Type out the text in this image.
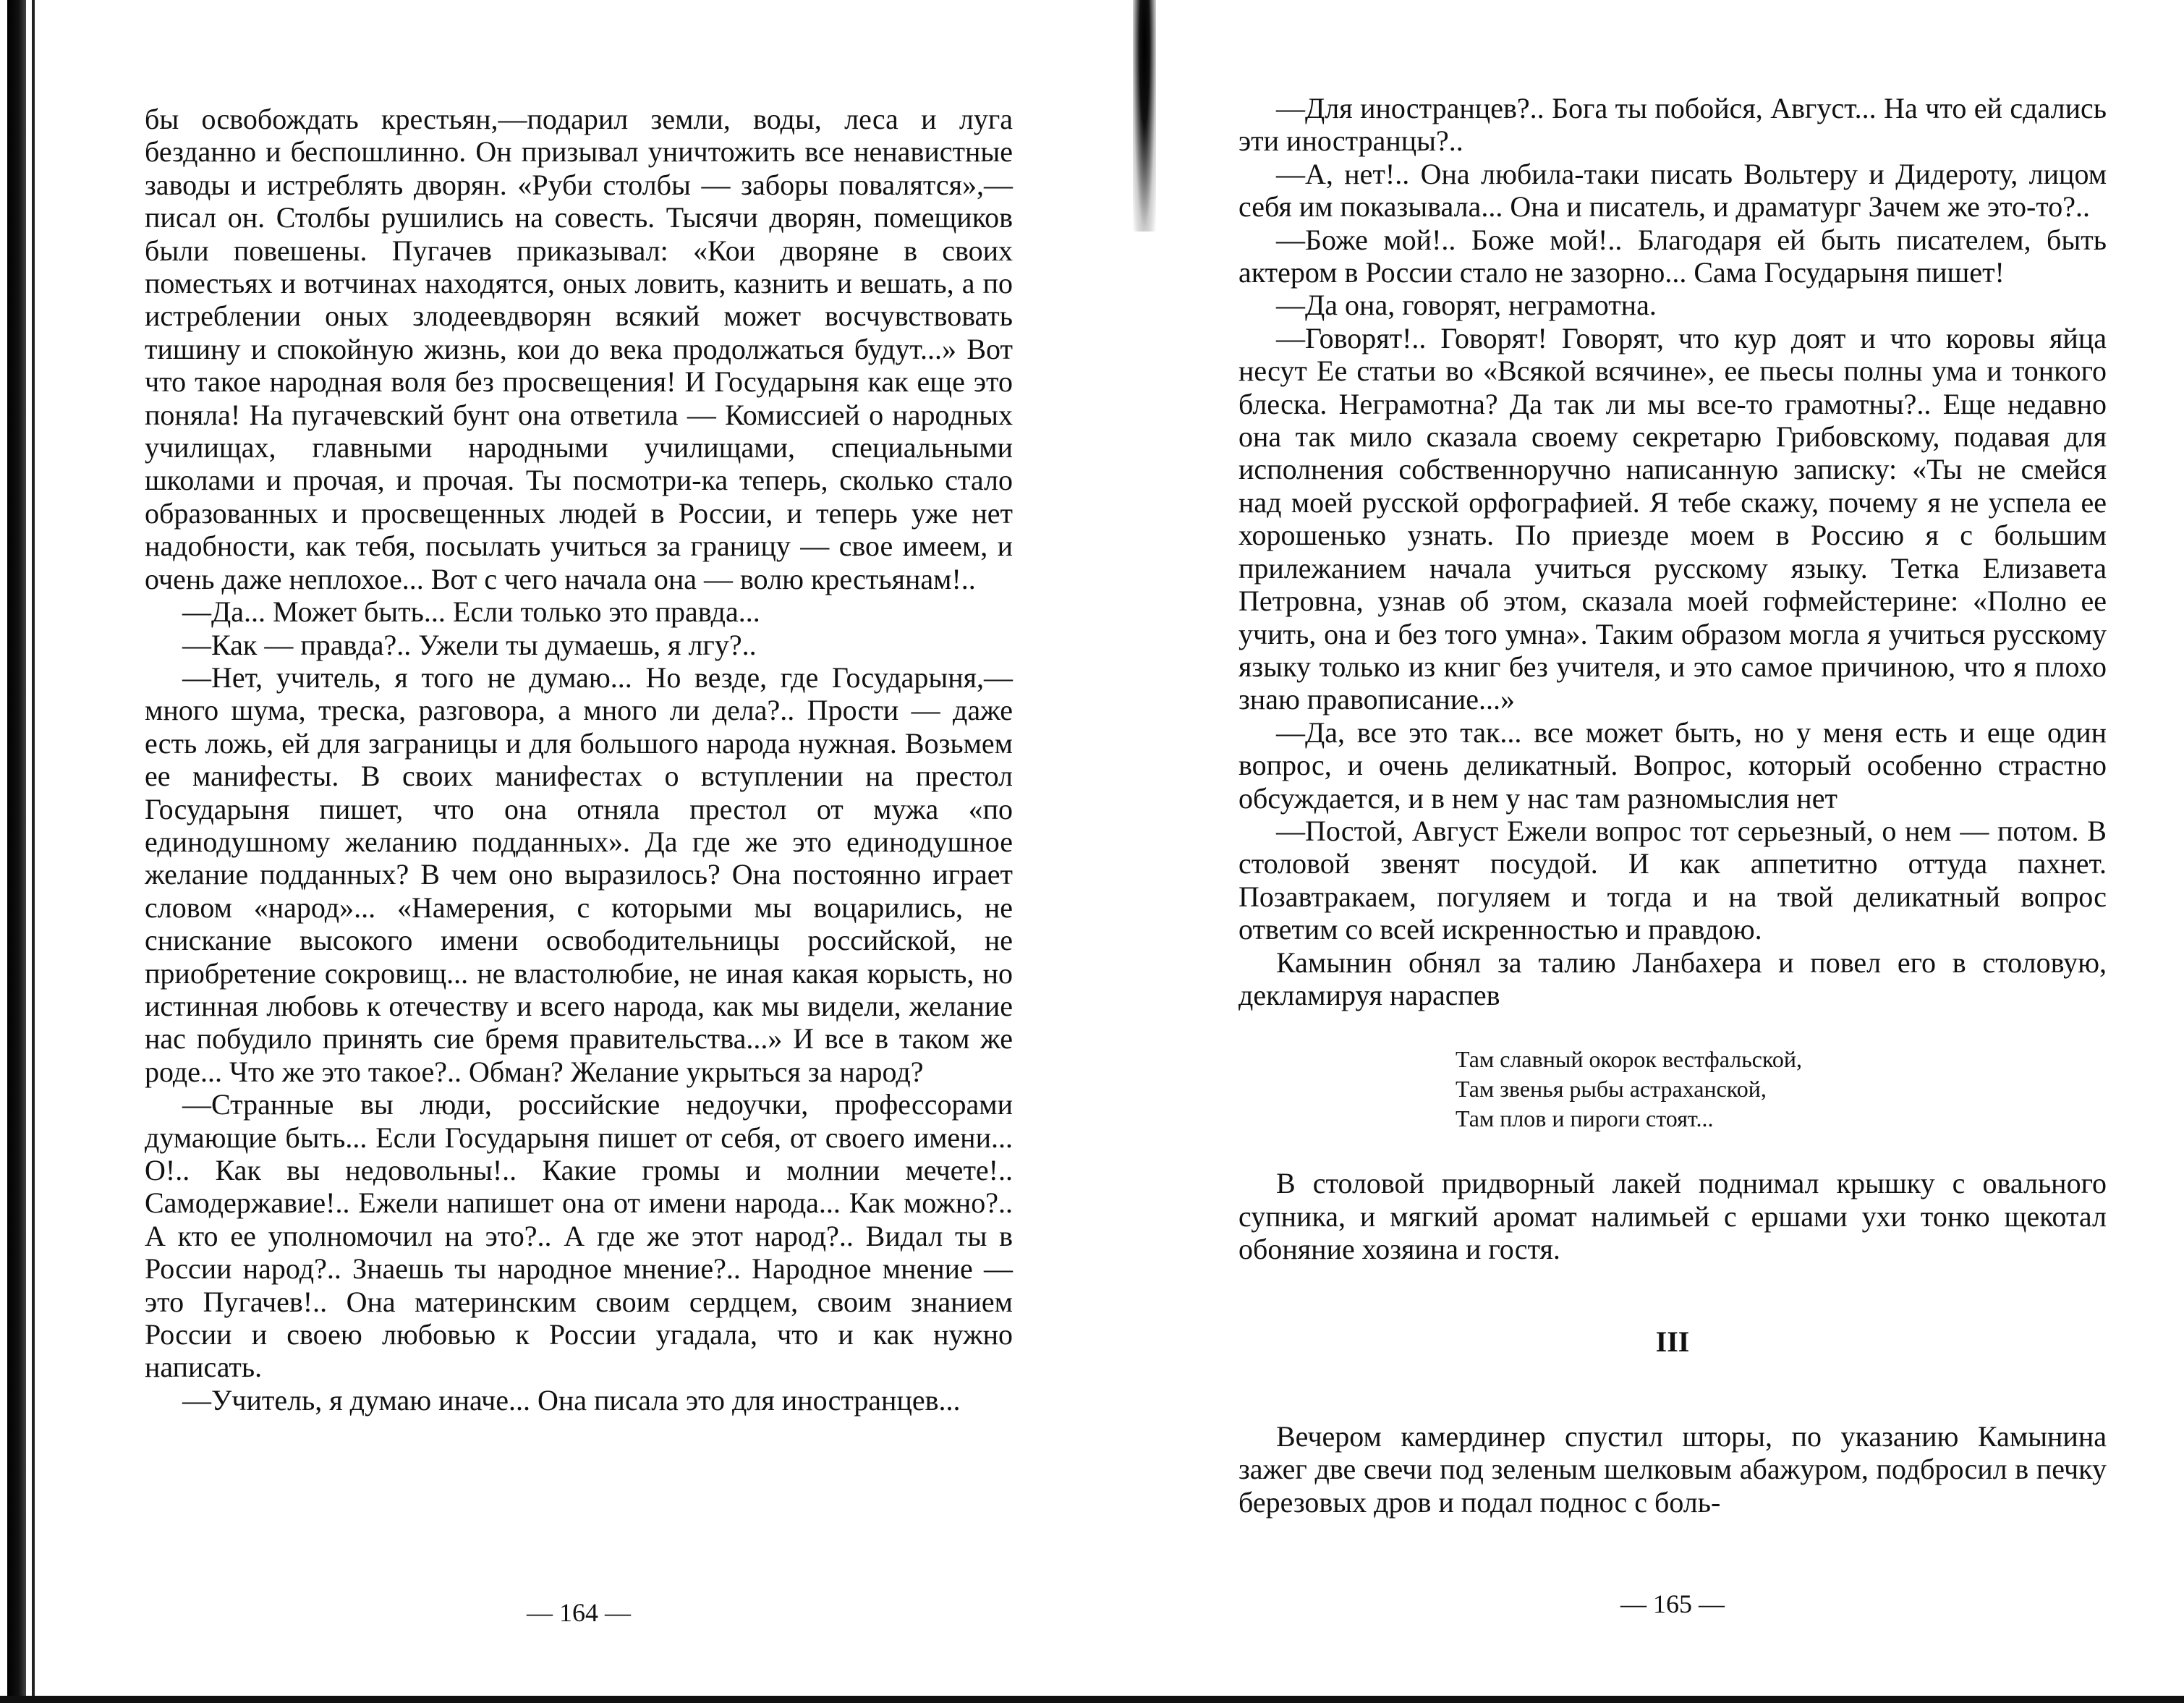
бы освобождать крестьян,—подарил земли, воды, леса и луга безданно и беспошлинно. Он призывал уничтожить все ненавистные заводы и истреблять дворян. «Руби столбы — заборы повалятся»,—писал он. Столбы рушились на совесть. Тысячи дворян, помещиков были повешены. Пугачев приказывал: «Кои дворяне в своих поместьях и вотчинах находятся, оных ловить, казнить и вешать, а по истреблении оных злодеевдворян всякий может восчувствовать тишину и спокойную жизнь, кои до века продолжаться будут...» Вот что такое народная воля без просвещения! И Государыня как еще это поняла! На пугачевский бунт она ответила — Комиссией о народных училищах, главными народными училищами, специальными школами и прочая, и прочая. Ты посмотри-ка теперь, сколько стало образованных и просвещенных людей в России, и теперь уже нет надобности, как тебя, посылать учиться за границу — свое имеем, и очень даже неплохое... Вот с чего начала она — волю крестьянам!..

—Да... Может быть... Если только это правда...

—Как — правда?.. Ужели ты думаешь, я лгу?..

—Нет, учитель, я того не думаю... Но везде, где Государыня,—много шума, треска, разговора, а много ли дела?.. Прости — даже есть ложь, ей для заграницы и для большого народа нужная. Возьмем ее манифесты. В своих манифестах о вступлении на престол Государыня пишет, что она отняла престол от мужа «по единодушному желанию подданных». Да где же это единодушное желание подданных? В чем оно выразилось? Она постоянно играет словом «народ»... «Намерения, с которыми мы воцарились, не снискание высокого имени освободительницы российской, не приобретение сокровищ... не властолюбие, не иная какая корысть, но истинная любовь к отечеству и всего народа, как мы видели, желание нас побудило принять сие бремя правительства...» И все в таком же роде... Что же это такое?.. Обман? Желание укрыться за народ?

—Странные вы люди, российские недоучки, профессорами думающие быть... Если Государыня пишет от себя, от своего имени... О!.. Как вы недовольны!.. Какие громы и молнии мечете!.. Самодержавие!.. Ежели напишет она от имени народа... Как можно?.. А кто ее уполномочил на это?.. А где же этот народ?.. Видал ты в России народ?.. Знаешь ты народное мнение?.. Народное мнение — это Пугачев!.. Она материнским своим сердцем, своим знанием России и своею любовью к России угадала, что и как нужно написать.

—Учитель, я думаю иначе... Она писала это для иностранцев...

— 164 —

—Для иностранцев?.. Бога ты побойся, Август... На что ей сдались эти иностранцы?..

—А, нет!.. Она любила-таки писать Вольтеру и Дидероту, лицом себя им показывала... Она и писатель, и драматург Зачем же это-то?..

—Боже мой!.. Боже мой!.. Благодаря ей быть писателем, быть актером в России стало не зазорно... Сама Государыня пишет!

—Да она, говорят, неграмотна.

—Говорят!.. Говорят! Говорят, что кур доят и что коровы яйца несут Ее статьи во «Всякой всячине», ее пьесы полны ума и тонкого блеска. Неграмотна? Да так ли мы все-то грамотны?.. Еще недавно она так мило сказала своему секретарю Грибовскому, подавая для исполнения собственноручно написанную записку: «Ты не смейся над моей русской орфографией. Я тебе скажу, почему я не успела ее хорошенько узнать. По приезде моем в Россию я с большим прилежанием начала учиться русскому языку. Тетка Елизавета Петровна, узнав об этом, сказала моей гофмейстерине: «Полно ее учить, она и без того умна». Таким образом могла я учиться русскому языку только из книг без учителя, и это самое причиною, что я плохо знаю правописание...»

—Да, все это так... все может быть, но у меня есть и еще один вопрос, и очень деликатный. Вопрос, который особенно страстно обсуждается, и в нем у нас там разномыслия нет

—Постой, Август Ежели вопрос тот серьезный, о нем — потом. В столовой звенят посудой. И как аппетитно оттуда пахнет. Позавтракаем, погуляем и тогда и на твой деликатный вопрос ответим со всей искренностью и правдою.

Камынин обнял за талию Ланбахера и повел его в столовую, декламируя нараспев

Там славный окорок вестфальской,
Там звенья рыбы астраханской,
Там плов и пироги стоят...

В столовой придворный лакей поднимал крышку с овального супника, и мягкий аромат налимьей с ершами ухи тонко щекотал обоняние хозяина и гостя.

III

Вечером камердинер спустил шторы, по указанию Камынина зажег две свечи под зеленым шелковым абажуром, подбросил в печку березовых дров и подал поднос с боль-

— 165 —
